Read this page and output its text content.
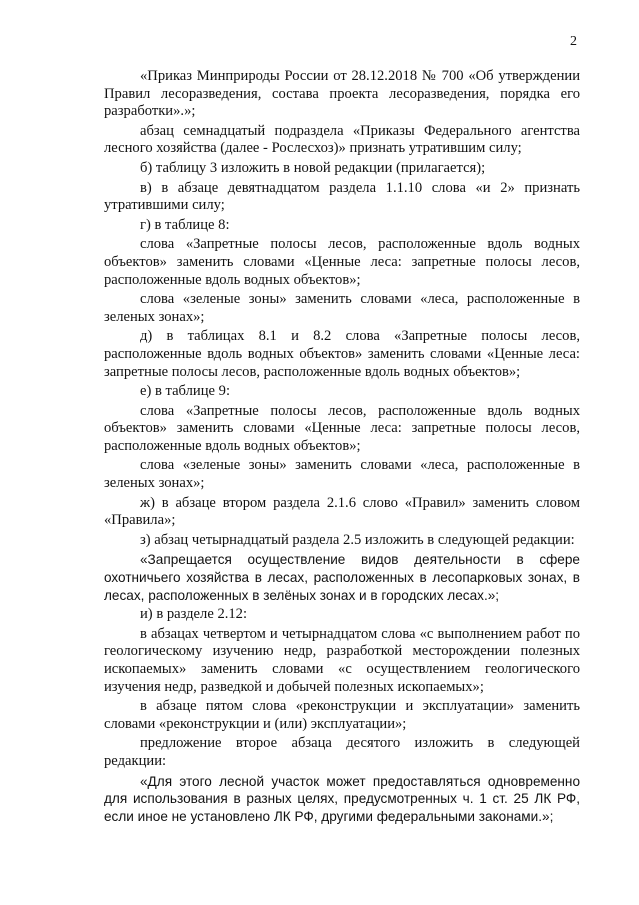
2

«Приказ Минприроды России от 28.12.2018 № 700 «Об утверждении Правил лесоразведения, состава проекта лесоразведения, порядка его разработки».»;

абзац семнадцатый подраздела «Приказы Федерального агентства лесного хозяйства (далее - Рослесхоз)» признать утратившим силу;

б) таблицу 3 изложить в новой редакции (прилагается);

в) в абзаце девятнадцатом раздела 1.1.10 слова «и 2» признать утратившими силу;

г) в таблице 8:

слова «Запретные полосы лесов, расположенные вдоль водных объектов» заменить словами «Ценные леса: запретные полосы лесов, расположенные вдоль водных объектов»;

слова «зеленые зоны» заменить словами «леса, расположенные в зеленых зонах»;

д) в таблицах 8.1 и 8.2 слова «Запретные полосы лесов, расположенные вдоль водных объектов» заменить словами «Ценные леса: запретные полосы лесов, расположенные вдоль водных объектов»;

е) в таблице 9:

слова «Запретные полосы лесов, расположенные вдоль водных объектов» заменить словами «Ценные леса: запретные полосы лесов, расположенные вдоль водных объектов»;

слова «зеленые зоны» заменить словами «леса, расположенные в зеленых зонах»;

ж) в абзаце втором раздела 2.1.6 слово «Правил» заменить словом «Правила»;

з) абзац четырнадцатый раздела 2.5 изложить в следующей редакции:

«Запрещается осуществление видов деятельности в сфере охотничьего хозяйства в лесах, расположенных в лесопарковых зонах, в лесах, расположенных в зелёных зонах и в городских лесах.»;

и) в разделе 2.12:

в абзацах четвертом и четырнадцатом слова «с выполнением работ по геологическому изучению недр, разработкой месторождении полезных ископаемых» заменить словами «с осуществлением геологического изучения недр, разведкой и добычей полезных ископаемых»;

в абзаце пятом слова «реконструкции и эксплуатации» заменить словами «реконструкции и (или) эксплуатации»;

предложение второе абзаца десятого изложить в следующей редакции:

«Для этого лесной участок может предоставляться одновременно для использования в разных целях, предусмотренных ч. 1 ст. 25 ЛК РФ, если иное не установлено ЛК РФ, другими федеральными законами.»;
